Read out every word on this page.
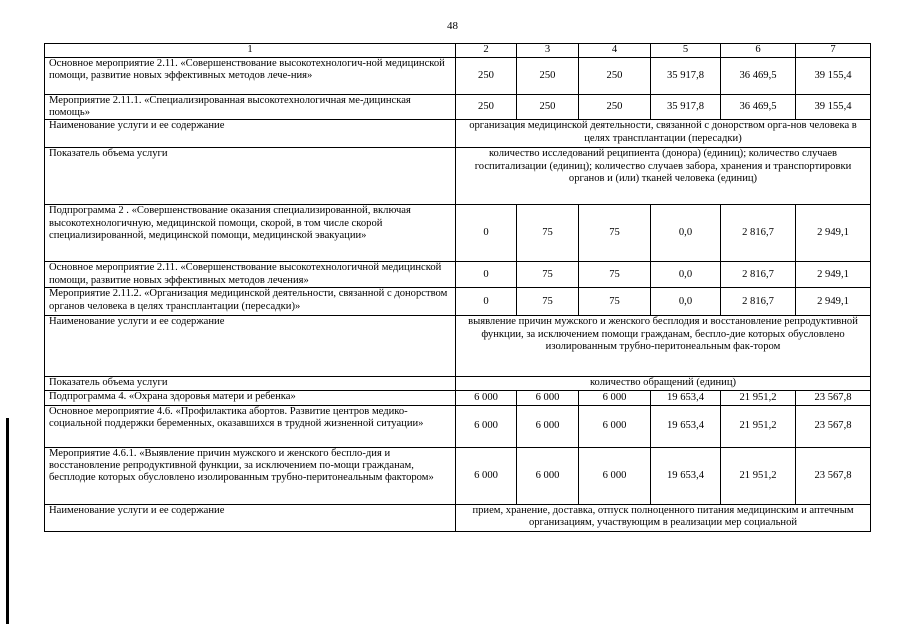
48
1	2	3	4	5	6	7
Основное мероприятие 2.11. «Совершенствование высокотехнологич-ной медицинской помощи, развитие новых эффективных методов лече-ния»	250	250	250	35 917,8	36 469,5	39 155,4
Мероприятие 2.11.1. «Специализированная высокотехнологичная ме-дицинская помощь»	250	250	250	35 917,8	36 469,5	39 155,4
Наименование услуги и ее содержание	организация медицинской деятельности, связанной с донорством орга-нов человека в целях трансплантации (пересадки)					
Показатель объема услуги	количество исследований реципиента (донора) (единиц); количество случаев госпитализации (единиц); количество случаев забора, хранения и транспортировки органов и (или) тканей человека (единиц)					
Подпрограмма 2 . «Совершенствование оказания специализированной, включая высокотехнологичную, медицинской помощи, скорой, в том числе скорой специализированной, медицинской помощи, медицинской эвакуации»	0	75	75	0,0	2 816,7	2 949,1
Основное мероприятие 2.11. «Совершенствование высокотехнологичной медицинской помощи, развитие новых эффективных методов лечения»	0	75	75	0,0	2 816,7	2 949,1
Мероприятие 2.11.2. «Организация медицинской деятельности, связанной с донорством органов человека в целях трансплантации (пересадки)»	0	75	75	0,0	2 816,7	2 949,1
Наименование услуги и ее содержание	выявление причин мужского и женского бесплодия и восстановление репродуктивной функции, за исключением помощи гражданам, беспло-дие которых обусловлено изолированным трубно-перитонеальным фак-тором					
Показатель объема услуги	количество обращений (единиц)					
Подпрограмма 4. «Охрана здоровья матери и ребенка»	6 000	6 000	6 000	19 653,4	21 951,2	23 567,8
Основное мероприятие 4.6. «Профилактика абортов. Развитие центров медико-социальной поддержки беременных, оказавшихся в трудной жизненной ситуации»	6 000	6 000	6 000	19 653,4	21 951,2	23 567,8
Мероприятие 4.6.1. «Выявление причин мужского и женского беспло-дия и восстановление репродуктивной функции, за исключением по-мощи гражданам, бесплодие которых обусловлено изолированным трубно-перитонеальным фактором»	6 000	6 000	6 000	19 653,4	21 951,2	23 567,8
Наименование услуги и ее содержание	прием, хранение, доставка, отпуск полноценного питания медицинским и аптечным организациям, участвующим в реализации мер социальной					
